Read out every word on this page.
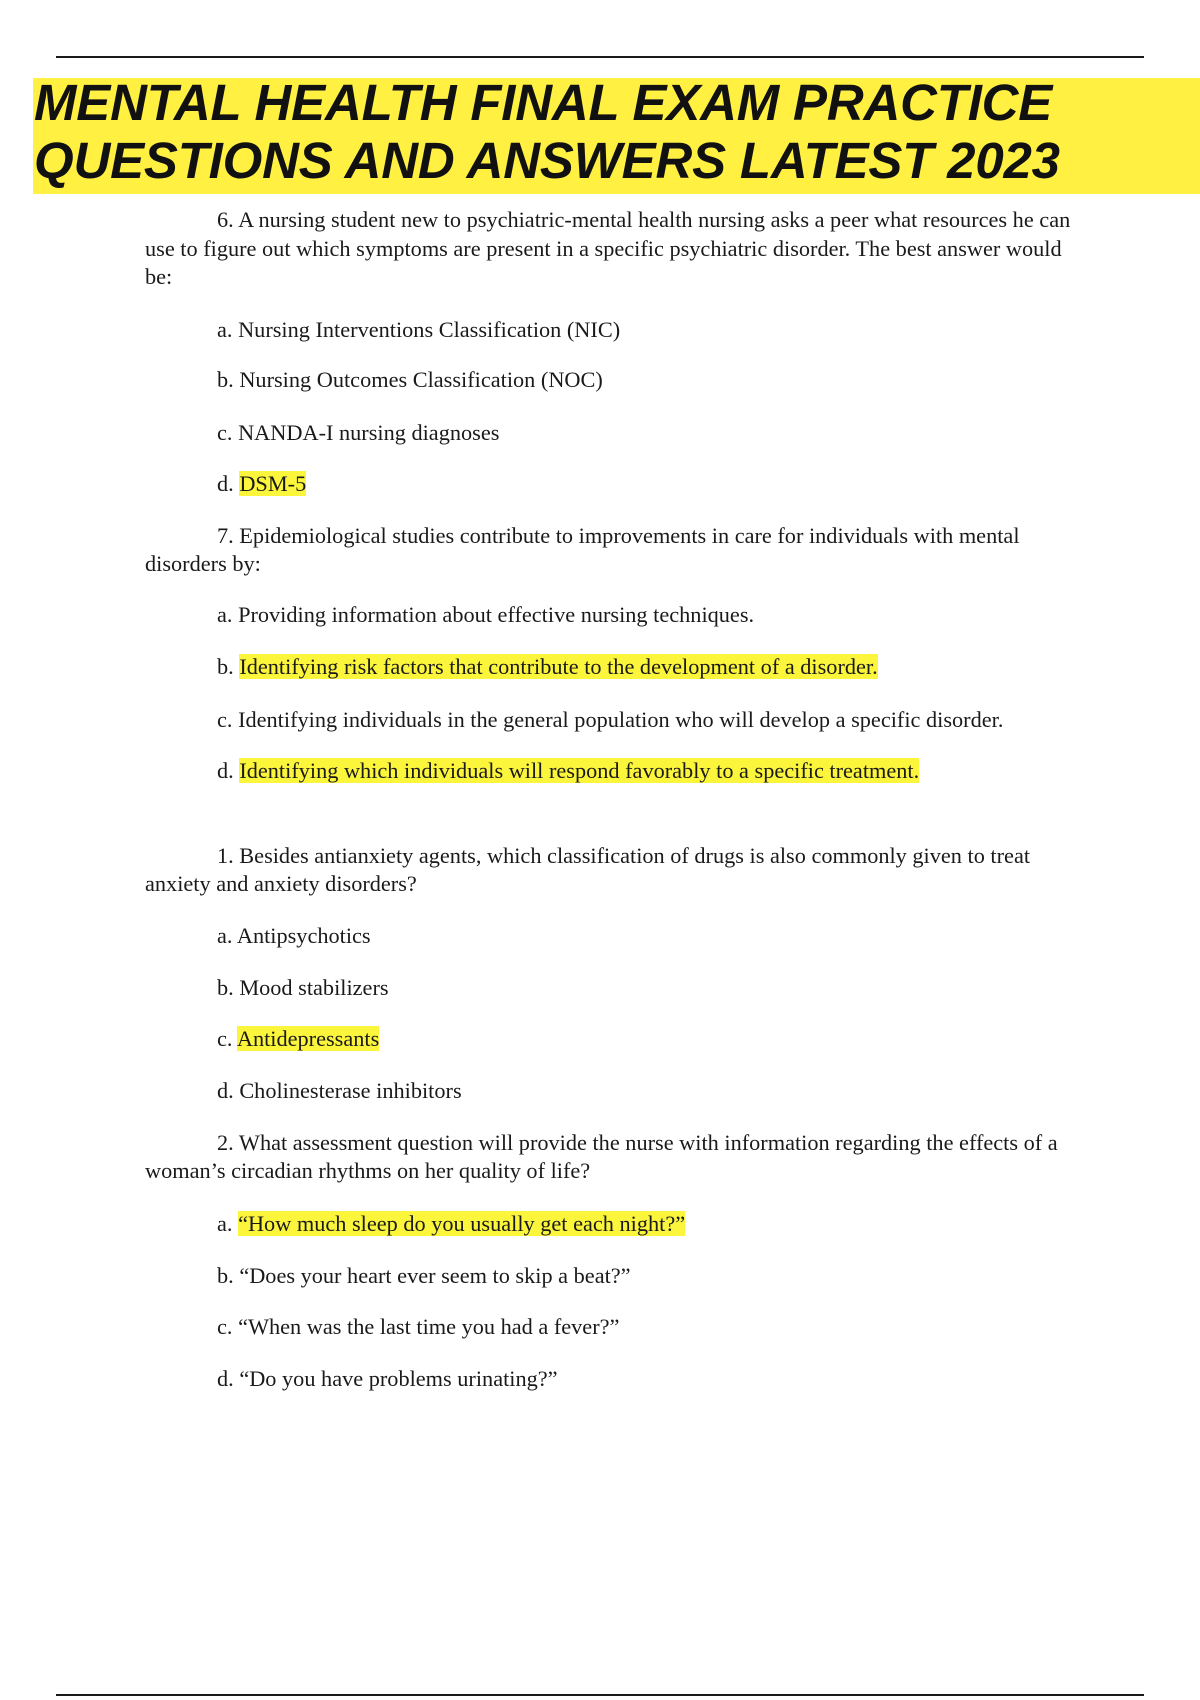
MENTAL HEALTH FINAL EXAM PRACTICE
QUESTIONS AND ANSWERS LATEST 2023

6. A nursing student new to psychiatric-mental health nursing asks a peer what resources he can use to figure out which symptoms are present in a specific psychiatric disorder. The best answer would be:

a. Nursing Interventions Classification (NIC)

b. Nursing Outcomes Classification (NOC)

c. NANDA-I nursing diagnoses

d. DSM-5

7. Epidemiological studies contribute to improvements in care for individuals with mental disorders by:

a. Providing information about effective nursing techniques.

b. Identifying risk factors that contribute to the development of a disorder.

c. Identifying individuals in the general population who will develop a specific disorder.

d. Identifying which individuals will respond favorably to a specific treatment.

1. Besides antianxiety agents, which classification of drugs is also commonly given to treat anxiety and anxiety disorders?

a. Antipsychotics

b. Mood stabilizers

c. Antidepressants

d. Cholinesterase inhibitors

2. What assessment question will provide the nurse with information regarding the effects of a woman’s circadian rhythms on her quality of life?

a. “How much sleep do you usually get each night?”

b. “Does your heart ever seem to skip a beat?”

c. “When was the last time you had a fever?”

d. “Do you have problems urinating?”
